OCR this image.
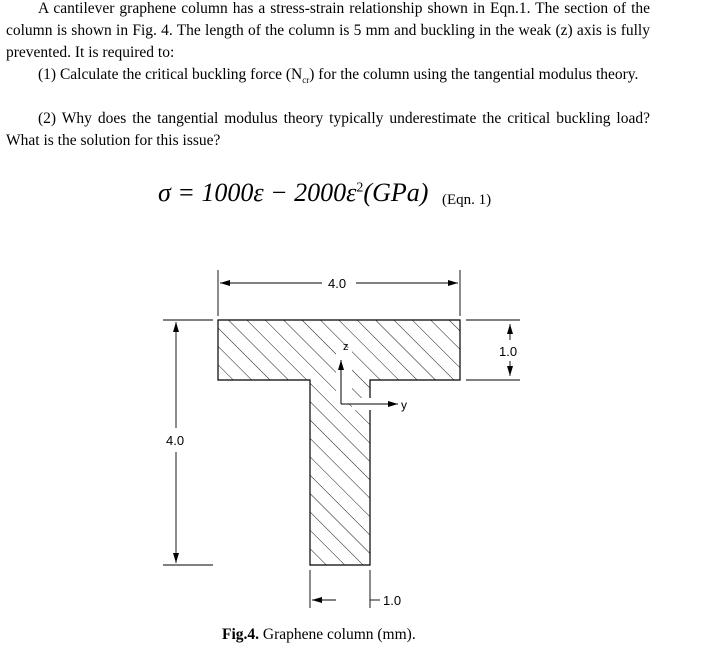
A cantilever graphene column has a stress-strain relationship shown in Eqn.1. The section of the column is shown in Fig. 4. The length of the column is 5 mm and buckling in the weak (z) axis is fully prevented. It is required to:
(1) Calculate the critical buckling force $(N_{cr})$ for the column using the tangential modulus theory.
(2) Why does the tangential modulus theory typically underestimate the critical buckling load? What is the solution for this issue?
$\sigma = 1000\varepsilon - 2000\varepsilon^2(GPa)$ (Eqn. 1)
4.0
4.0
1.0
1.0
z
y
Fig.4. Graphene column (mm).
